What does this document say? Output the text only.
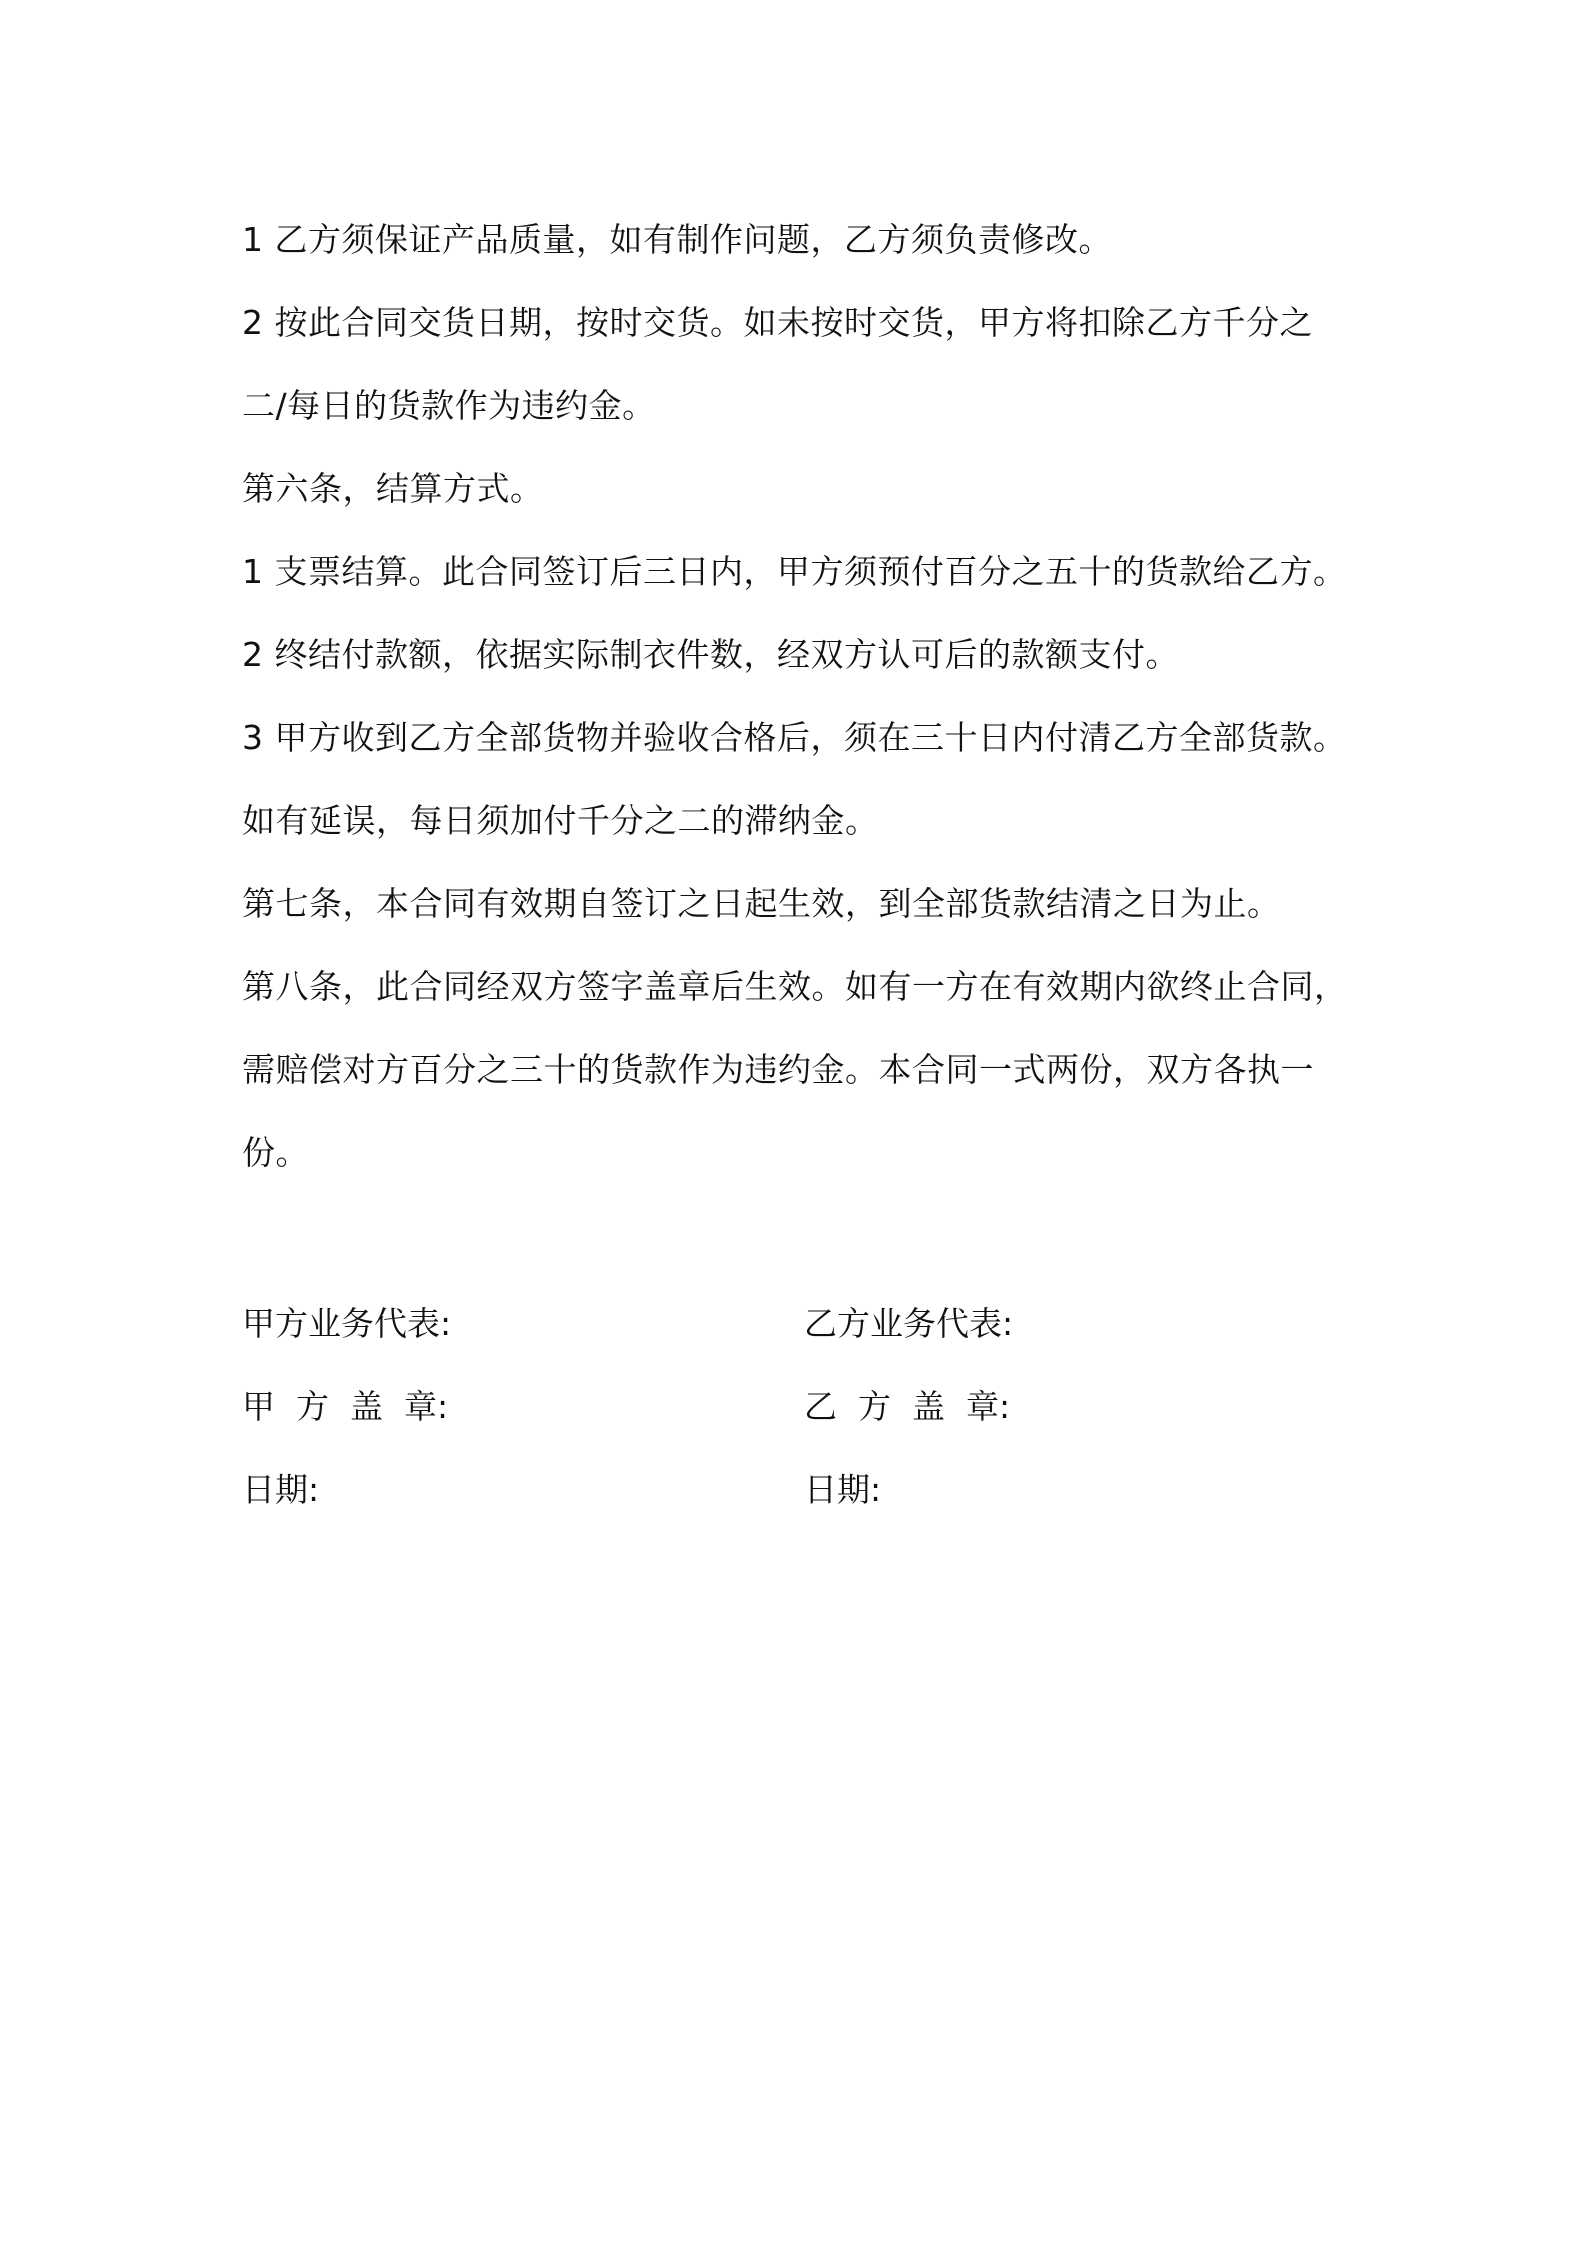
1 乙方须保证产品质量，如有制作问题，乙方须负责修改。

2 按此合同交货日期，按时交货。如未按时交货，甲方将扣除乙方千分之二/每日的货款作为违约金。

第六条，结算方式。

1 支票结算。此合同签订后三日内，甲方须预付百分之五十的货款给乙方。

2 终结付款额，依据实际制衣件数，经双方认可后的款额支付。

3 甲方收到乙方全部货物并验收合格后，须在三十日内付清乙方全部货款。如有延误，每日须加付千分之二的滞纳金。

第七条，本合同有效期自签订之日起生效，到全部货款结清之日为止。

第八条，此合同经双方签字盖章后生效。如有一方在有效期内欲终止合同，需赔偿对方百分之三十的货款作为违约金。本合同一式两份，双方各执一份。

甲方业务代表:	乙方业务代表:
甲  方  盖  章:	乙  方  盖  章:
日期:	日期:
